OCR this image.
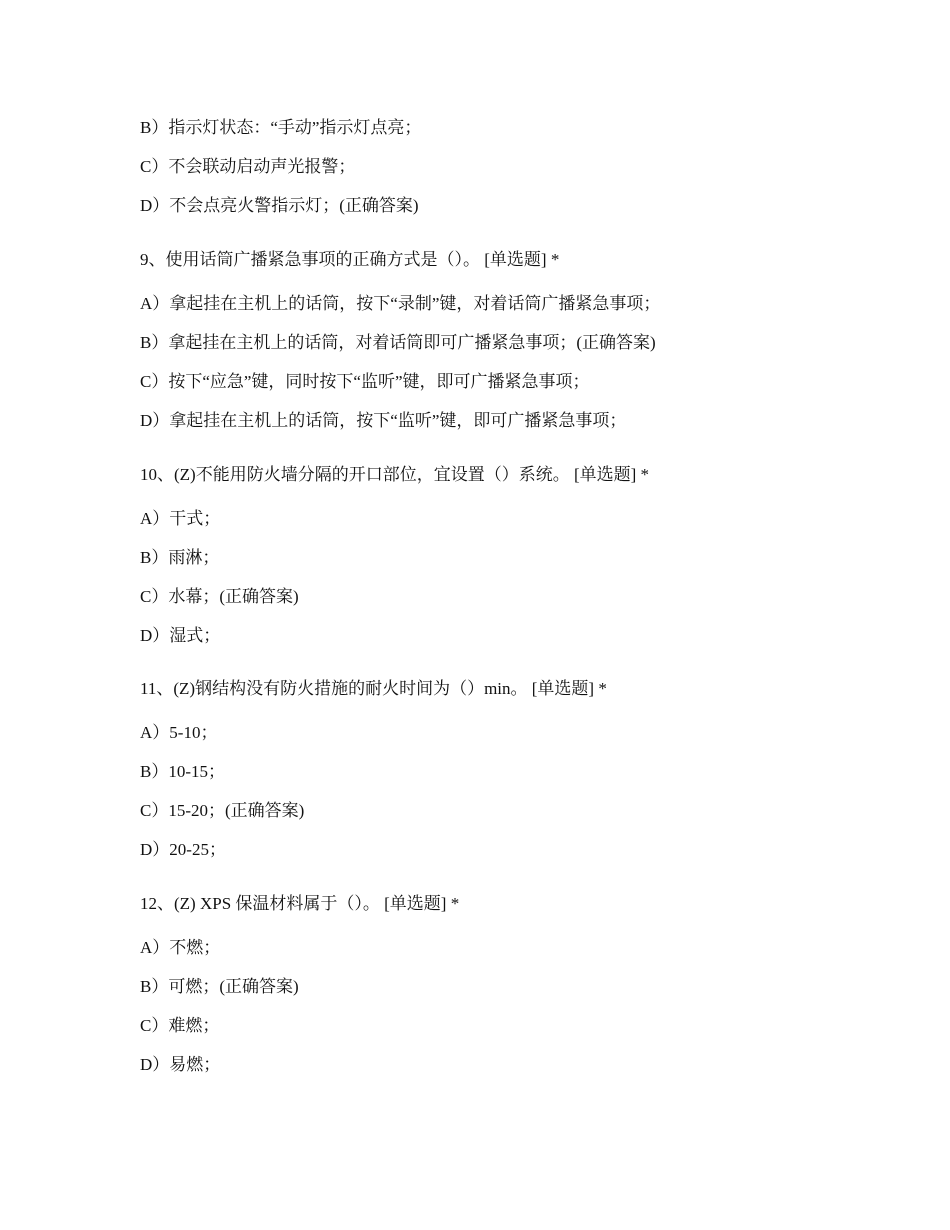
B）指示灯状态：“手动”指示灯点亮；
C）不会联动启动声光报警；
D）不会点亮火警指示灯；(正确答案)
9、使用话筒广播紧急事项的正确方式是（）。 [单选题] *
A）拿起挂在主机上的话筒，按下“录制”键，对着话筒广播紧急事项；
B）拿起挂在主机上的话筒，对着话筒即可广播紧急事项；(正确答案)
C）按下“应急”键，同时按下“监听”键，即可广播紧急事项；
D）拿起挂在主机上的话筒，按下“监听”键，即可广播紧急事项；
10、(Z)不能用防火墙分隔的开口部位，宜设置（）系统。 [单选题] *
A）干式；
B）雨淋；
C）水幕；(正确答案)
D）湿式；
11、(Z)钢结构没有防火措施的耐火时间为（）min。 [单选题] *
A）5-10；
B）10-15；
C）15-20；(正确答案)
D）20-25；
12、(Z) XPS 保温材料属于（）。 [单选题] *
A）不燃；
B）可燃；(正确答案)
C）难燃；
D）易燃；
